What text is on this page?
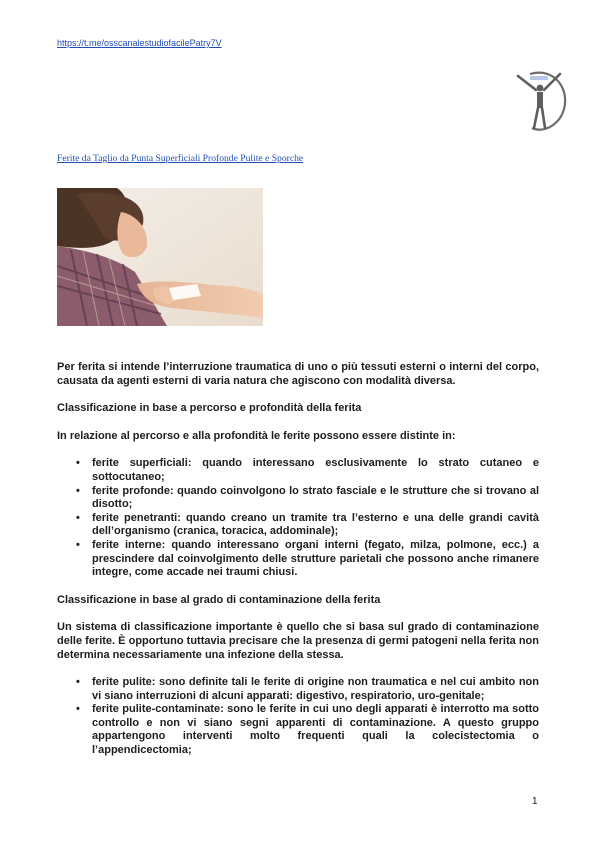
https://t.me/osscanalestudiofacilePatry7V
Ferite da Taglio da Punta Superficiali Profonde Pulite e Sporche

Per ferita si intende l’interruzione traumatica di uno o più tessuti esterni o interni del corpo, causata da agenti esterni di varia natura che agiscono con modalità diversa.

Classificazione in base a percorso e profondità della ferita

In relazione al percorso e alla profondità le ferite possono essere distinte in:

• ferite superficiali: quando interessano esclusivamente lo strato cutaneo e sottocutaneo;
• ferite profonde: quando coinvolgono lo strato fasciale e le strutture che si trovano al disotto;
• ferite penetranti: quando creano un tramite tra l’esterno e una delle grandi cavità dell’organismo (cranica, toracica, addominale);
• ferite interne: quando interessano organi interni (fegato, milza, polmone, ecc.) a prescindere dal coinvolgimento delle strutture parietali che possono anche rimanere integre, come accade nei traumi chiusi.

Classificazione in base al grado di contaminazione della ferita

Un sistema di classificazione importante è quello che si basa sul grado di contaminazione delle ferite. È opportuno tuttavia precisare che la presenza di germi patogeni nella ferita non determina necessariamente una infezione della stessa.

• ferite pulite: sono definite tali le ferite di origine non traumatica e nel cui ambito non vi siano interruzioni di alcuni apparati: digestivo, respiratorio, uro-genitale;
• ferite pulite-contaminate: sono le ferite in cui uno degli apparati è interrotto ma sotto controllo e non vi siano segni apparenti di contaminazione. A questo gruppo appartengono interventi molto frequenti quali la colecistectomia o l’appendicectomia;
1
